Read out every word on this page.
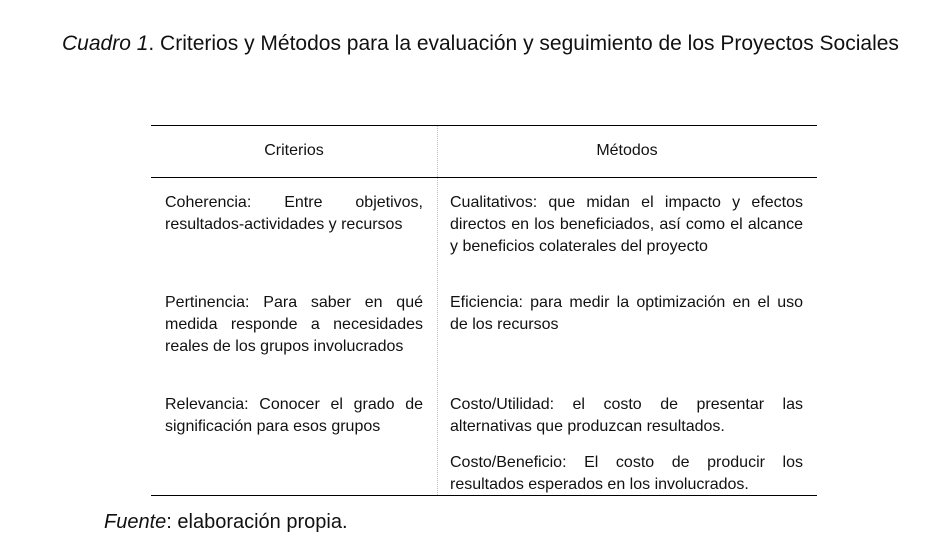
Cuadro 1. Criterios y Métodos para la evaluación y seguimiento de los Proyectos Sociales
Criterios	Métodos
Coherencia: Entre objetivos, resultados-actividades y recursos
Cualitativos: que midan el impacto y efectos directos en los beneficiados, así como el alcance y beneficios colaterales del proyecto
Pertinencia: Para saber en qué medida responde a necesidades reales de los grupos involucrados
Eficiencia: para medir la optimización en el uso de los recursos
Relevancia: Conocer el grado de significación para esos grupos
Costo/Utilidad: el costo de presentar las alternativas que produzcan resultados.
Costo/Beneficio: El costo de producir los resultados esperados en los involucrados.
Fuente: elaboración propia.
